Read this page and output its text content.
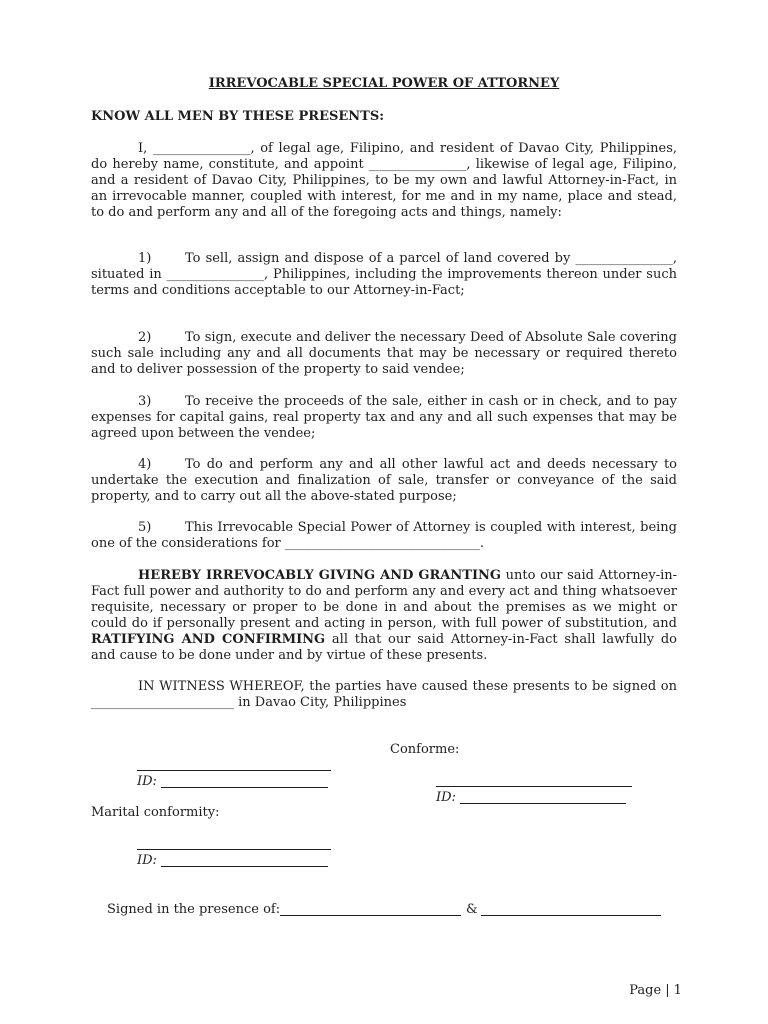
IRREVOCABLE SPECIAL POWER OF ATTORNEY
KNOW ALL MEN BY THESE PRESENTS:
I, _______________, of legal age, Filipino, and resident of Davao City, Philippines, do hereby name, constitute, and appoint _______________, likewise of legal age, Filipino, and a resident of Davao City, Philippines, to be my own and lawful Attorney-in-Fact, in an irrevocable manner, coupled with interest, for me and in my name, place and stead, to do and perform any and all of the foregoing acts and things, namely:
1)	To sell, assign and dispose of a parcel of land covered by _______________, situated in _______________, Philippines, including the improvements thereon under such terms and conditions acceptable to our Attorney-in-Fact;
2)	To sign, execute and deliver the necessary Deed of Absolute Sale covering such sale including any and all documents that may be necessary or required thereto and to deliver possession of the property to said vendee;
3)	To receive the proceeds of the sale, either in cash or in check, and to pay expenses for capital gains, real property tax and any and all such expenses that may be agreed upon between the vendee;
4)	To do and perform any and all other lawful act and deeds necessary to undertake the execution and finalization of sale, transfer or conveyance of the said property, and to carry out all the above-stated purpose;
5)	This Irrevocable Special Power of Attorney is coupled with interest, being one of the considerations for ______________________________.
HEREBY IRREVOCABLY GIVING AND GRANTING unto our said Attorney-in-Fact full power and authority to do and perform any and every act and thing whatsoever requisite, necessary or proper to be done in and about the premises as we might or could do if personally present and acting in person, with full power of substitution, and RATIFYING AND CONFIRMING all that our said Attorney-in-Fact shall lawfully do and cause to be done under and by virtue of these presents.
IN WITNESS WHEREOF, the parties have caused these presents to be signed on ______________________ in Davao City, Philippines
Conforme:
ID:
ID:
Marital conformity:
ID:
Signed in the presence of:	&

Page | 1
